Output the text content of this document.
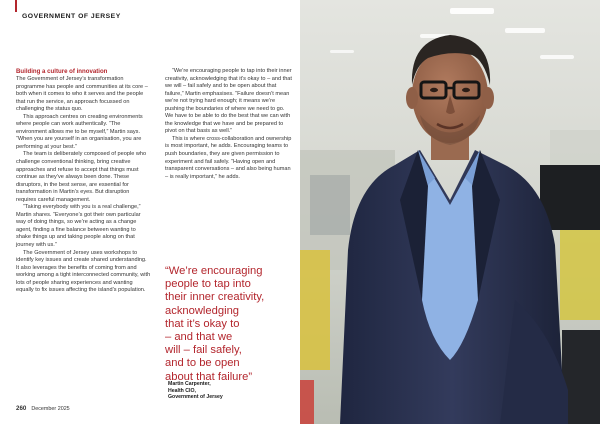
GOVERNMENT OF JERSEY
Building a culture of innovation

The Government of Jersey’s transformation programme has people and communities at its core – both when it comes to who it serves and the people that run the service, an approach focussed on challenging the status quo.

This approach centres on creating environments where people can work authentically. “The environment allows me to be myself,” Martin says. “When you are yourself in an organisation, you are performing at your best.”

The team is deliberately composed of people who challenge conventional thinking, bring creative approaches and refuse to accept that things must continue as they’ve always been done. These disruptors, in the best sense, are essential for transformation in Martin’s eyes. But disruption requires careful management.

“Taking everybody with you is a real challenge,” Martin shares. “Everyone’s got their own particular way of doing things, so we’re acting as a change agent, finding a fine balance between wanting to shake things up and taking people along on that journey with us.”

The Government of Jersey uses workshops to identify key issues and create shared understanding. It also leverages the benefits of coming from and working among a tight interconnected community, with lots of people sharing experiences and wanting equally to fix issues affecting the island’s population.

“We’re encouraging people to tap into their inner creativity, acknowledging that it’s okay to – and that we will – fail safely and to be open about that failure,” Martin emphasises. “Failure doesn’t mean we’re not trying hard enough; it means we’re pushing the boundaries of where we need to go. We have to be able to do the best that we can with the knowledge that we have and be prepared to pivot on that basis as well.”

This is where cross-collaboration and ownership is most important, he adds. Encouraging teams to push boundaries, they are given permission to experiment and fail safely. “Having open and transparent conversations – and also being human – is really important,” he adds.

“We’re encouraging
people to tap into
their inner creativity,
acknowledging
that it’s okay to
– and that we
will – fail safely,
and to be open
about that failure”
Martin Carpenter,
Health CIO,
Government of Jersey
260 December 2025
